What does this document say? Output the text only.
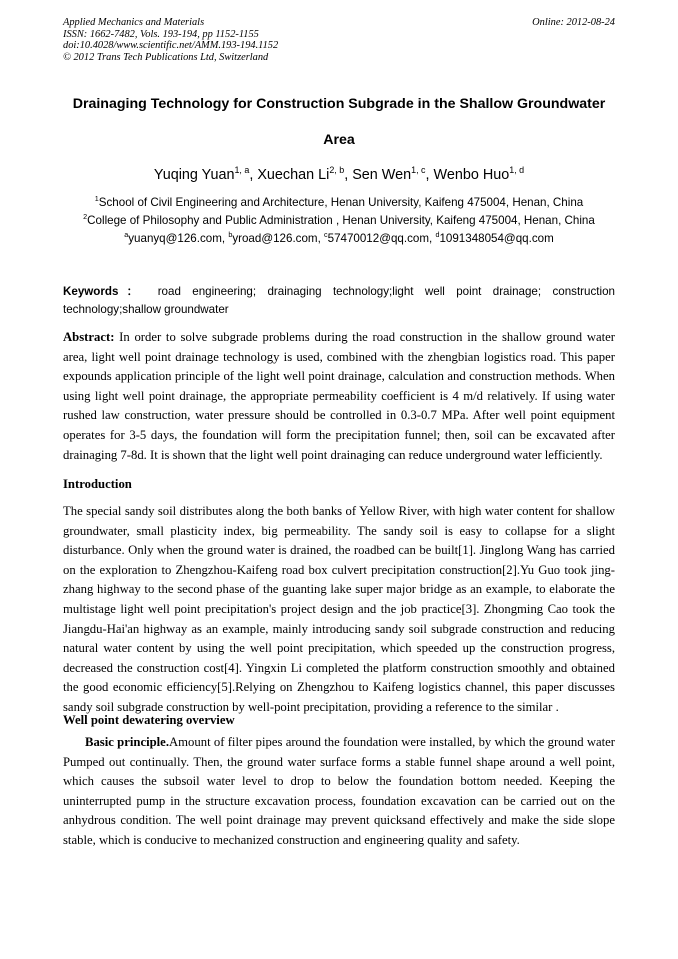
Applied Mechanics and Materials
ISSN: 1662-7482, Vols. 193-194, pp 1152-1155
doi:10.4028/www.scientific.net/AMM.193-194.1152
© 2012 Trans Tech Publications Ltd, Switzerland
Online: 2012-08-24
Drainaging Technology for Construction Subgrade in the Shallow Groundwater Area
Yuqing Yuan$^{1, a}$, Xuechan Li$^{2, b}$, Sen Wen$^{1, c}$, Wenbo Huo$^{1, d}$
$^1$School of Civil Engineering and Architecture, Henan University, Kaifeng 475004, Henan, China
$^2$College of Philosophy and Public Administration , Henan University, Kaifeng 475004, Henan, China
$^a$yuanyq@126.com, $^b$yroad@126.com, $^c$57470012@qq.com, $^d$1091348054@qq.com
Keywords： road engineering; drainaging technology;light well point drainage; construction technology;shallow groundwater
Abstract: In order to solve subgrade problems during the road construction in the shallow ground water area, light well point drainage technology is used, combined with the zhengbian logistics road. This paper expounds application principle of the light well point drainage, calculation and construction methods. When using light well point drainage, the appropriate permeability coefficient is 4 m/d relatively. If using water rushed law construction, water pressure should be controlled in 0.3-0.7 MPa. After well point equipment operates for 3-5 days, the foundation will form the precipitation funnel; then, soil can be excavated after drainaging 7-8d. It is shown that the light well point drainaging can reduce underground water lefficiently.
Introduction
The special sandy soil distributes along the both banks of Yellow River, with high water content for shallow groundwater, small plasticity index, big permeability. The sandy soil is easy to collapse for a slight disturbance. Only when the ground water is drained, the roadbed can be built[1]. Jinglong Wang has carried on the exploration to Zhengzhou-Kaifeng road box culvert precipitation construction[2].Yu Guo took jing-zhang highway to the second phase of the guanting lake super major bridge as an example, to elaborate the multistage light well point precipitation's project design and the job practice[3]. Zhongming Cao took the Jiangdu-Hai'an highway as an example, mainly introducing sandy soil subgrade construction and reducing natural water content by using the well point precipitation, which speeded up the construction progress, decreased the construction cost[4]. Yingxin Li completed the platform construction smoothly and obtained the good economic efficiency[5].Relying on Zhengzhou to Kaifeng logistics channel, this paper discusses sandy soil subgrade construction by well-point precipitation, providing a reference to the similar .
Well point dewatering overview
Basic principle.Amount of filter pipes around the foundation were installed, by which the ground water Pumped out continually. Then, the ground water surface forms a stable funnel shape around a well point, which causes the subsoil water level to drop to below the foundation bottom needed. Keeping the uninterrupted pump in the structure excavation process, foundation excavation can be carried out on the anhydrous condition. The well point drainage may prevent quicksand effectively and make the side slope stable, which is conducive to mechanized construction and engineering quality and safety.
